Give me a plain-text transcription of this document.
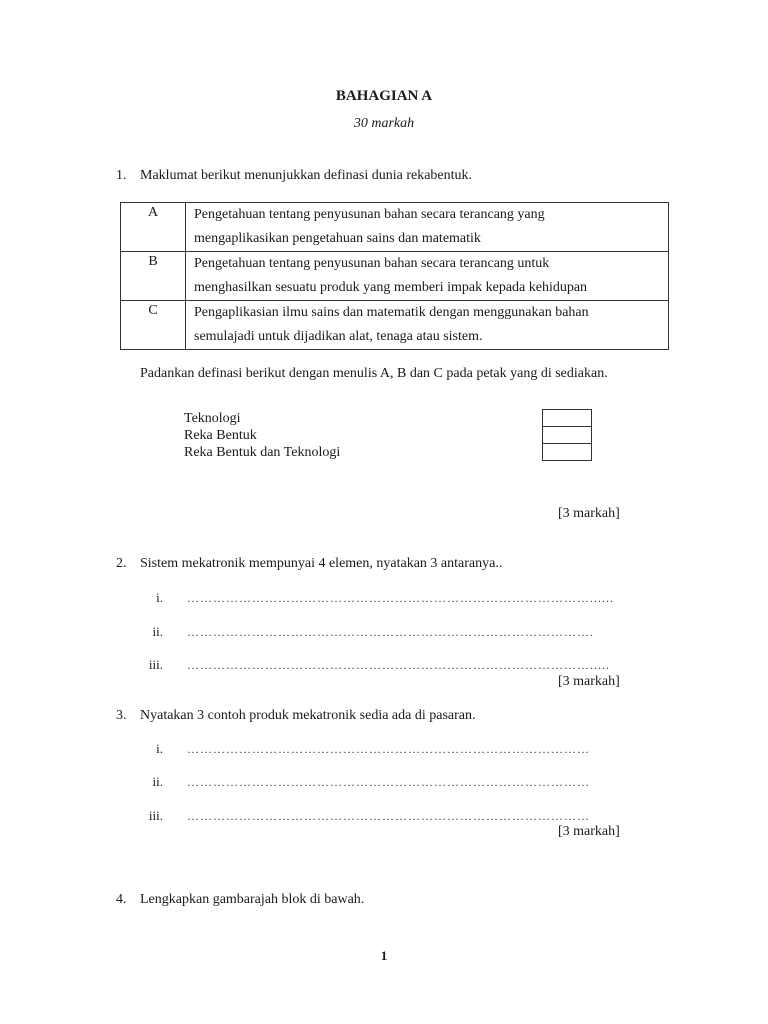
BAHAGIAN A
30 markah
1. Maklumat berikut menunjukkan definasi dunia rekabentuk.
A	Pengetahuan tentang penyusunan bahan secara terancang yang
mengaplikasikan pengetahuan sains dan matematik

B	Pengetahuan tentang penyusunan bahan secara terancang untuk
menghasilkan sesuatu produk yang memberi impak kepada kehidupan

C	Pengaplikasian ilmu sains dan matematik dengan menggunakan bahan
semulajadi untuk dijadikan alat, tenaga atau sistem.
Padankan definasi berikut dengan menulis A, B dan C pada petak yang di sediakan.
Teknologi
Reka Bentuk
Reka Bentuk dan Teknologi
[3 markah]
2. Sistem mekatronik mempunyai 4 elemen, nyatakan 3 antaranya..
i. …………………………………………………………………………………......
ii. ………………………………………………………………………………….
iii. ………………………………………………………………………………….....
[3 markah]
3. Nyatakan 3 contoh produk mekatronik sedia ada di pasaran.
i. …………………………………………………………………………………
ii. …………………………………………………………………………………
iii. …………………………………………………………………………………
[3 markah]
4. Lengkapkan gambarajah blok di bawah.
1
